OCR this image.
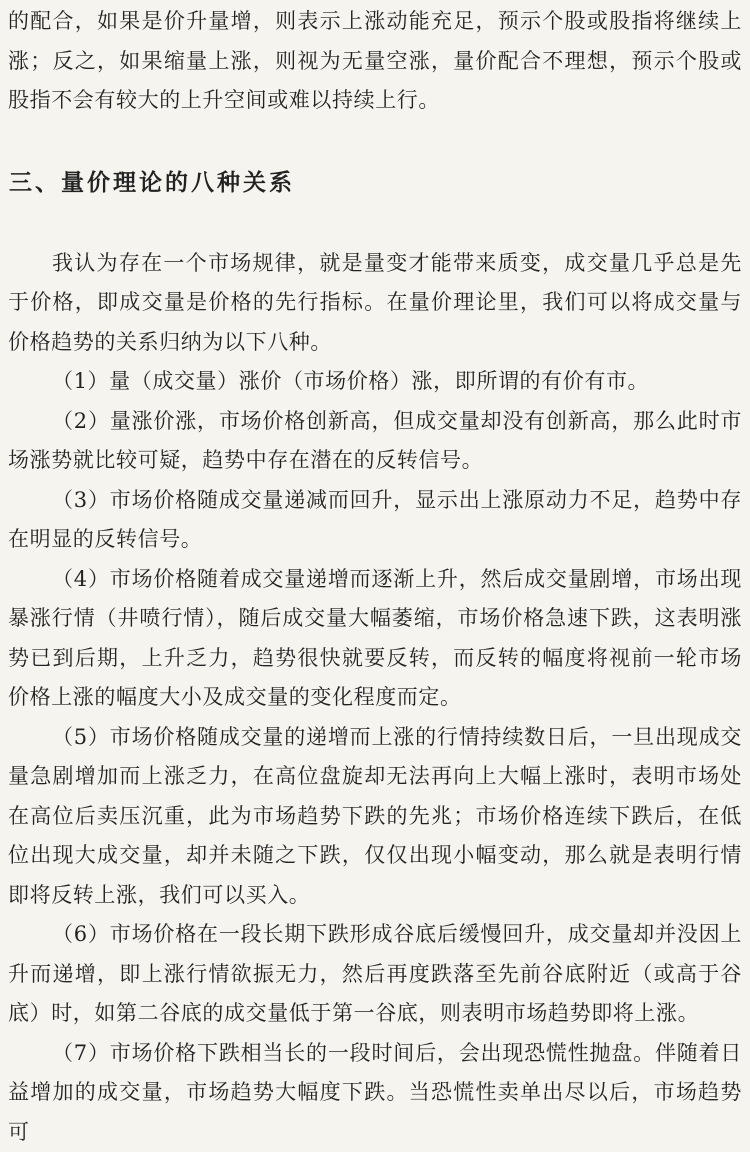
的配合，如果是价升量增，则表示上涨动能充足，预示个股或股指将继续上涨；反之，如果缩量上涨，则视为无量空涨，量价配合不理想，预示个股或股指不会有较大的上升空间或难以持续上行。

三、量价理论的八种关系

我认为存在一个市场规律，就是量变才能带来质变，成交量几乎总是先于价格，即成交量是价格的先行指标。在量价理论里，我们可以将成交量与价格趋势的关系归纳为以下八种。

（1）量（成交量）涨价（市场价格）涨，即所谓的有价有市。

（2）量涨价涨，市场价格创新高，但成交量却没有创新高，那么此时市场涨势就比较可疑，趋势中存在潜在的反转信号。

（3）市场价格随成交量递减而回升，显示出上涨原动力不足，趋势中存在明显的反转信号。

（4）市场价格随着成交量递增而逐渐上升，然后成交量剧增，市场出现暴涨行情（井喷行情），随后成交量大幅萎缩，市场价格急速下跌，这表明涨势已到后期，上升乏力，趋势很快就要反转，而反转的幅度将视前一轮市场价格上涨的幅度大小及成交量的变化程度而定。

（5）市场价格随成交量的递增而上涨的行情持续数日后，一旦出现成交量急剧增加而上涨乏力，在高位盘旋却无法再向上大幅上涨时，表明市场处在高位后卖压沉重，此为市场趋势下跌的先兆；市场价格连续下跌后，在低位出现大成交量，却并未随之下跌，仅仅出现小幅变动，那么就是表明行情即将反转上涨，我们可以买入。

（6）市场价格在一段长期下跌形成谷底后缓慢回升，成交量却并没因上升而递增，即上涨行情欲振无力，然后再度跌落至先前谷底附近（或高于谷底）时，如第二谷底的成交量低于第一谷底，则表明市场趋势即将上涨。

（7）市场价格下跌相当长的一段时间后，会出现恐慌性抛盘。伴随着日益增加的成交量，市场趋势大幅度下跌。当恐慌性卖单出尽以后，市场趋势可
